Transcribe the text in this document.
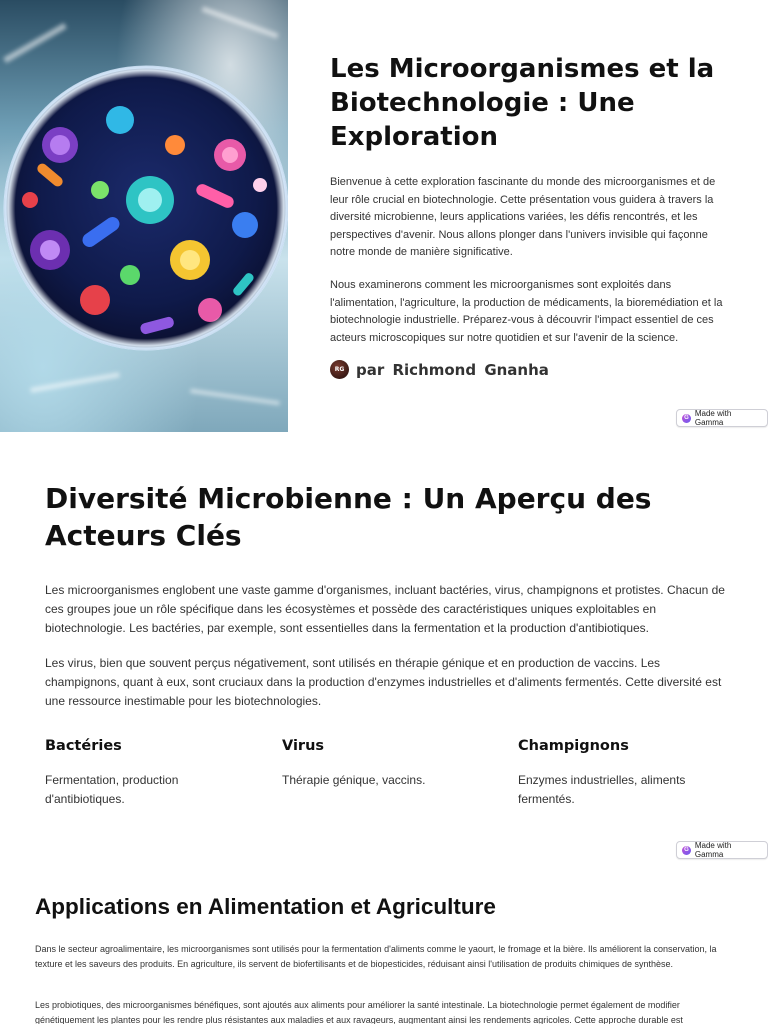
Les Microorganismes et la Biotechnologie : Une Exploration

Bienvenue à cette exploration fascinante du monde des microorganismes et de leur rôle crucial en biotechnologie. Cette présentation vous guidera à travers la diversité microbienne, leurs applications variées, les défis rencontrés, et les perspectives d'avenir. Nous allons plonger dans l'univers invisible qui façonne notre monde de manière significative.

Nous examinerons comment les microorganismes sont exploités dans l'alimentation, l'agriculture, la production de médicaments, la bioremédiation et la biotechnologie industrielle. Préparez-vous à découvrir l'impact essentiel de ces acteurs microscopiques sur notre quotidien et sur l'avenir de la science.

RG par Richmond Gnanha
G Made with Gamma
Diversité Microbienne : Un Aperçu des Acteurs Clés

Les microorganismes englobent une vaste gamme d'organismes, incluant bactéries, virus, champignons et protistes. Chacun de ces groupes joue un rôle spécifique dans les écosystèmes et possède des caractéristiques uniques exploitables en biotechnologie. Les bactéries, par exemple, sont essentielles dans la fermentation et la production d'antibiotiques.

Les virus, bien que souvent perçus négativement, sont utilisés en thérapie génique et en production de vaccins. Les champignons, quant à eux, sont cruciaux dans la production d'enzymes industrielles et d'aliments fermentés. Cette diversité est une ressource inestimable pour les biotechnologies.

Bactéries

Fermentation, production d'antibiotiques.

Virus

Thérapie génique, vaccins.

Champignons

Enzymes industrielles, aliments fermentés.

G Made with Gamma
Applications en Alimentation et Agriculture

Dans le secteur agroalimentaire, les microorganismes sont utilisés pour la fermentation d'aliments comme le yaourt, le fromage et la bière. Ils améliorent la conservation, la texture et les saveurs des produits. En agriculture, ils servent de biofertilisants et de biopesticides, réduisant ainsi l'utilisation de produits chimiques de synthèse.

Les probiotiques, des microorganismes bénéfiques, sont ajoutés aux aliments pour améliorer la santé intestinale. La biotechnologie permet également de modifier génétiquement les plantes pour les rendre plus résistantes aux maladies et aux ravageurs, augmentant ainsi les rendements agricoles. Cette approche durable est
